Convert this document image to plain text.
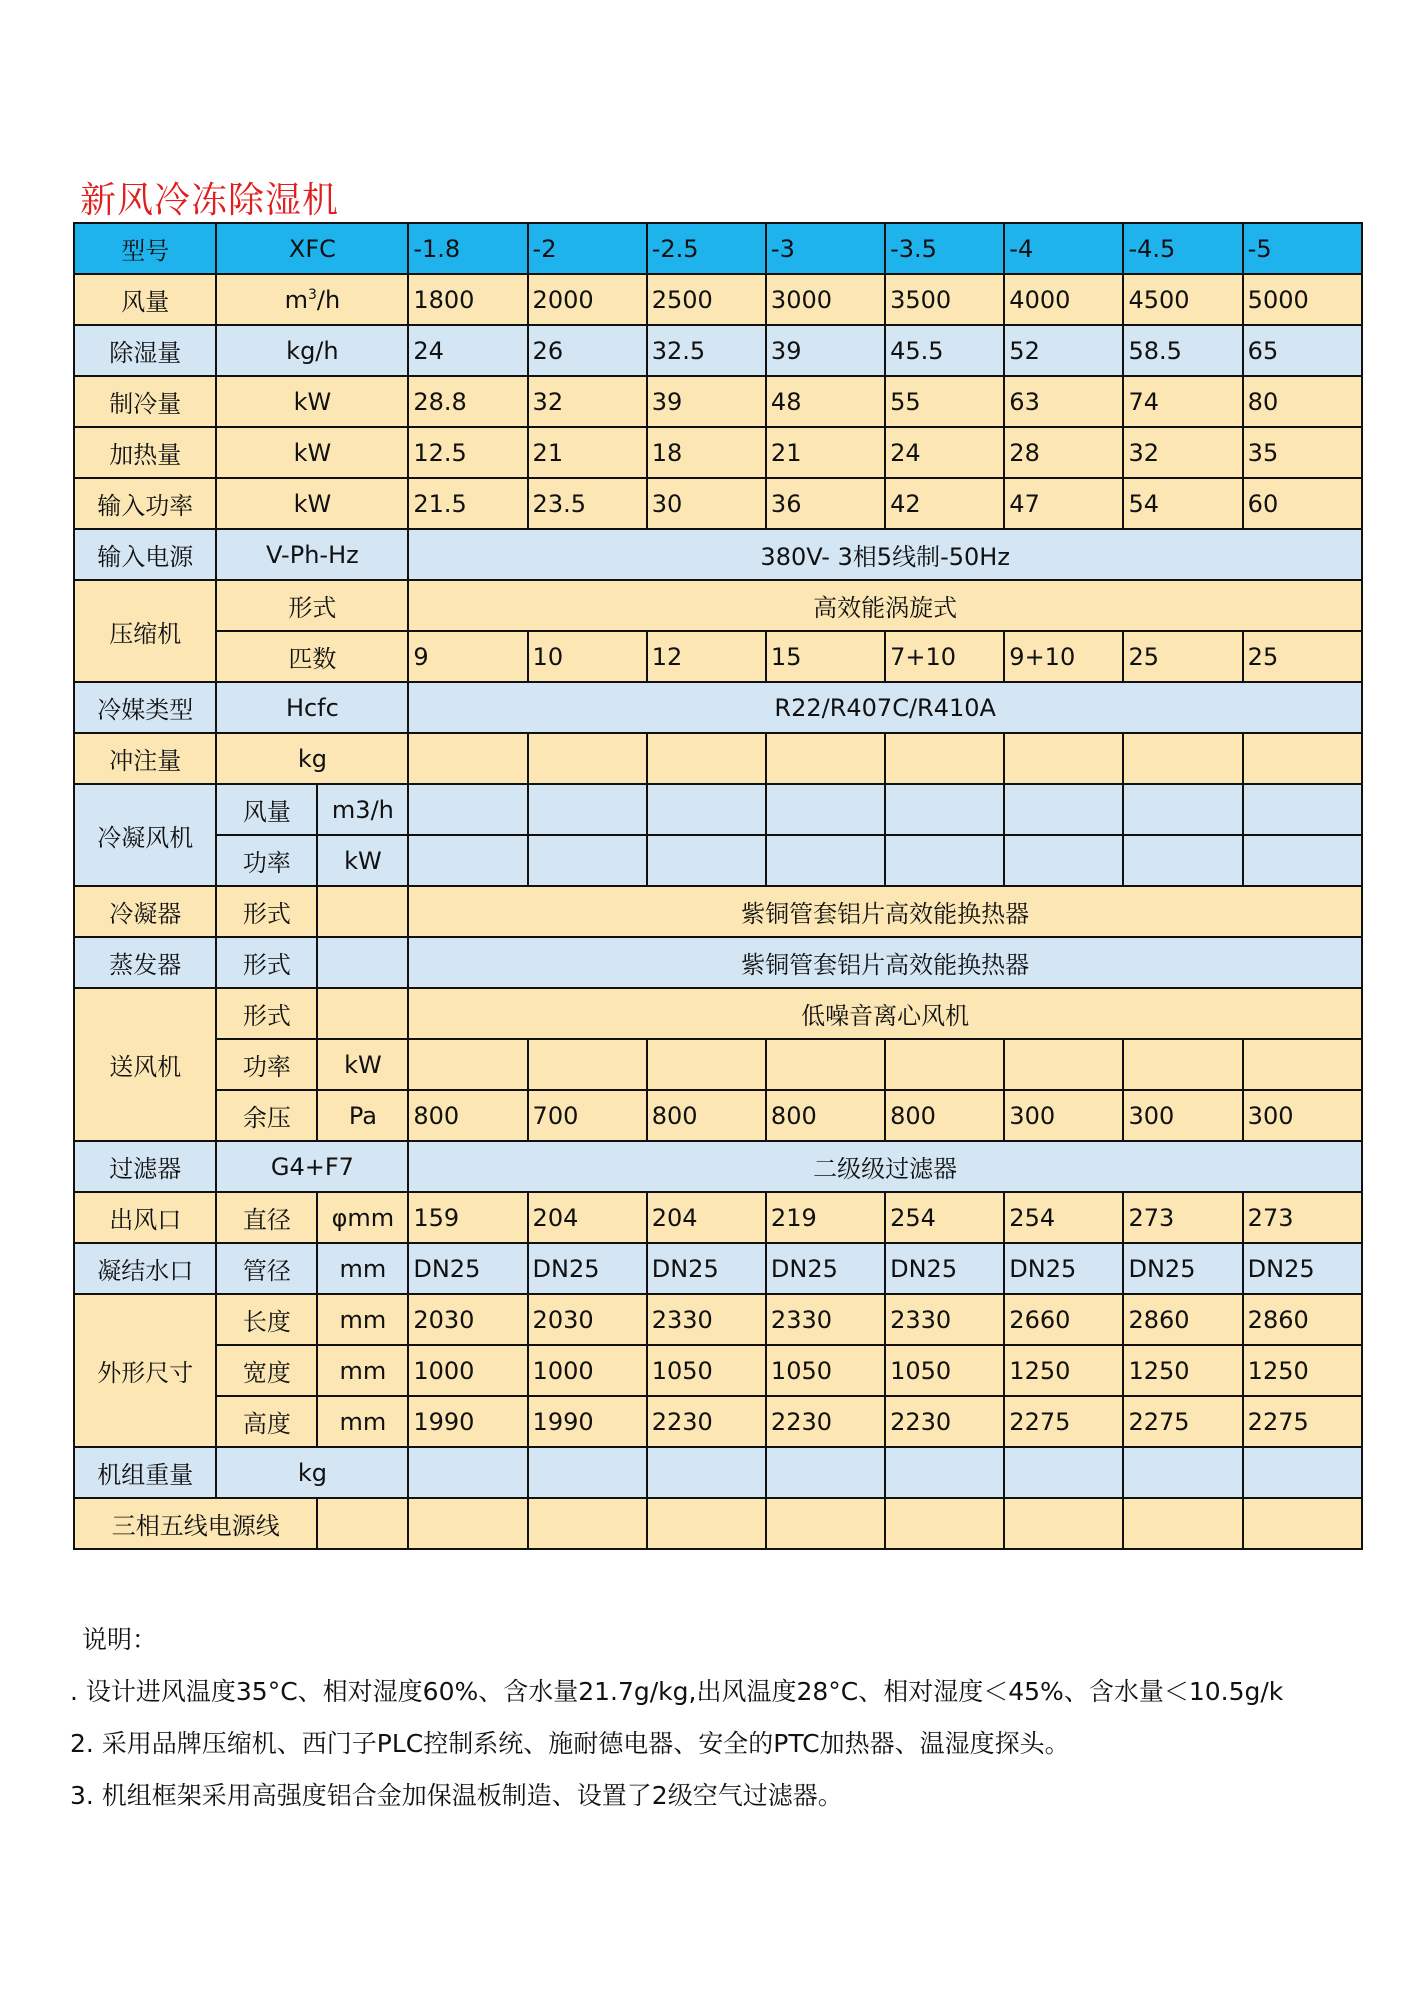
新风冷冻除湿机
型号	XFC		-1.8	-2	-2.5	-3	-3.5	-4	-4.5	-5
风量	$m^3/h$		1800	2000	2500	3000	3500	4000	4500	5000
除湿量	kg/h		24	26	32.5	39	45.5	52	58.5	65
制冷量	kW		28.8	32	39	48	55	63	74	80
加热量	kW		12.5	21	18	21	24	28	32	35
输入功率	kW		21.5	23.5	30	36	42	47	54	60
输入电源	V-Ph-Hz		380V- 3相5线制-50Hz							
压缩机	形式		高效能涡旋式							
	匹数		9	10	12	15	7+10	9+10	25	25
冷媒类型	Hcfc		R22/R407C/R410A							
冲注量	kg									
冷凝风机	风量	m3/h								
	功率	kW								
冷凝器	形式		紫铜管套铝片高效能换热器							
蒸发器	形式		紫铜管套铝片高效能换热器							
送风机	形式		低噪音离心风机							
	功率	kW								
	余压	Pa	800	700	800	800	800	300	300	300
过滤器	G4+F7		二级级过滤器							
出风口	直径	φmm	159	204	204	219	254	254	273	273
凝结水口	管径	mm	DN25	DN25	DN25	DN25	DN25	DN25	DN25	DN25
外形尺寸	长度	mm	2030	2030	2330	2330	2330	2660	2860	2860
	宽度	mm	1000	1000	1050	1050	1050	1250	1250	1250
	高度	mm	1990	1990	2230	2230	2230	2275	2275	2275
机组重量	kg									
三相五线电源线										
说明：
. 设计进风温度35°C、相对湿度60%、含水量21.7g/kg,出风温度28°C、相对湿度＜45%、含水量＜10.5g/k
2. 采用品牌压缩机、西门子PLC控制系统、施耐德电器、安全的PTC加热器、温湿度探头。
3. 机组框架采用高强度铝合金加保温板制造、设置了2级空气过滤器。
